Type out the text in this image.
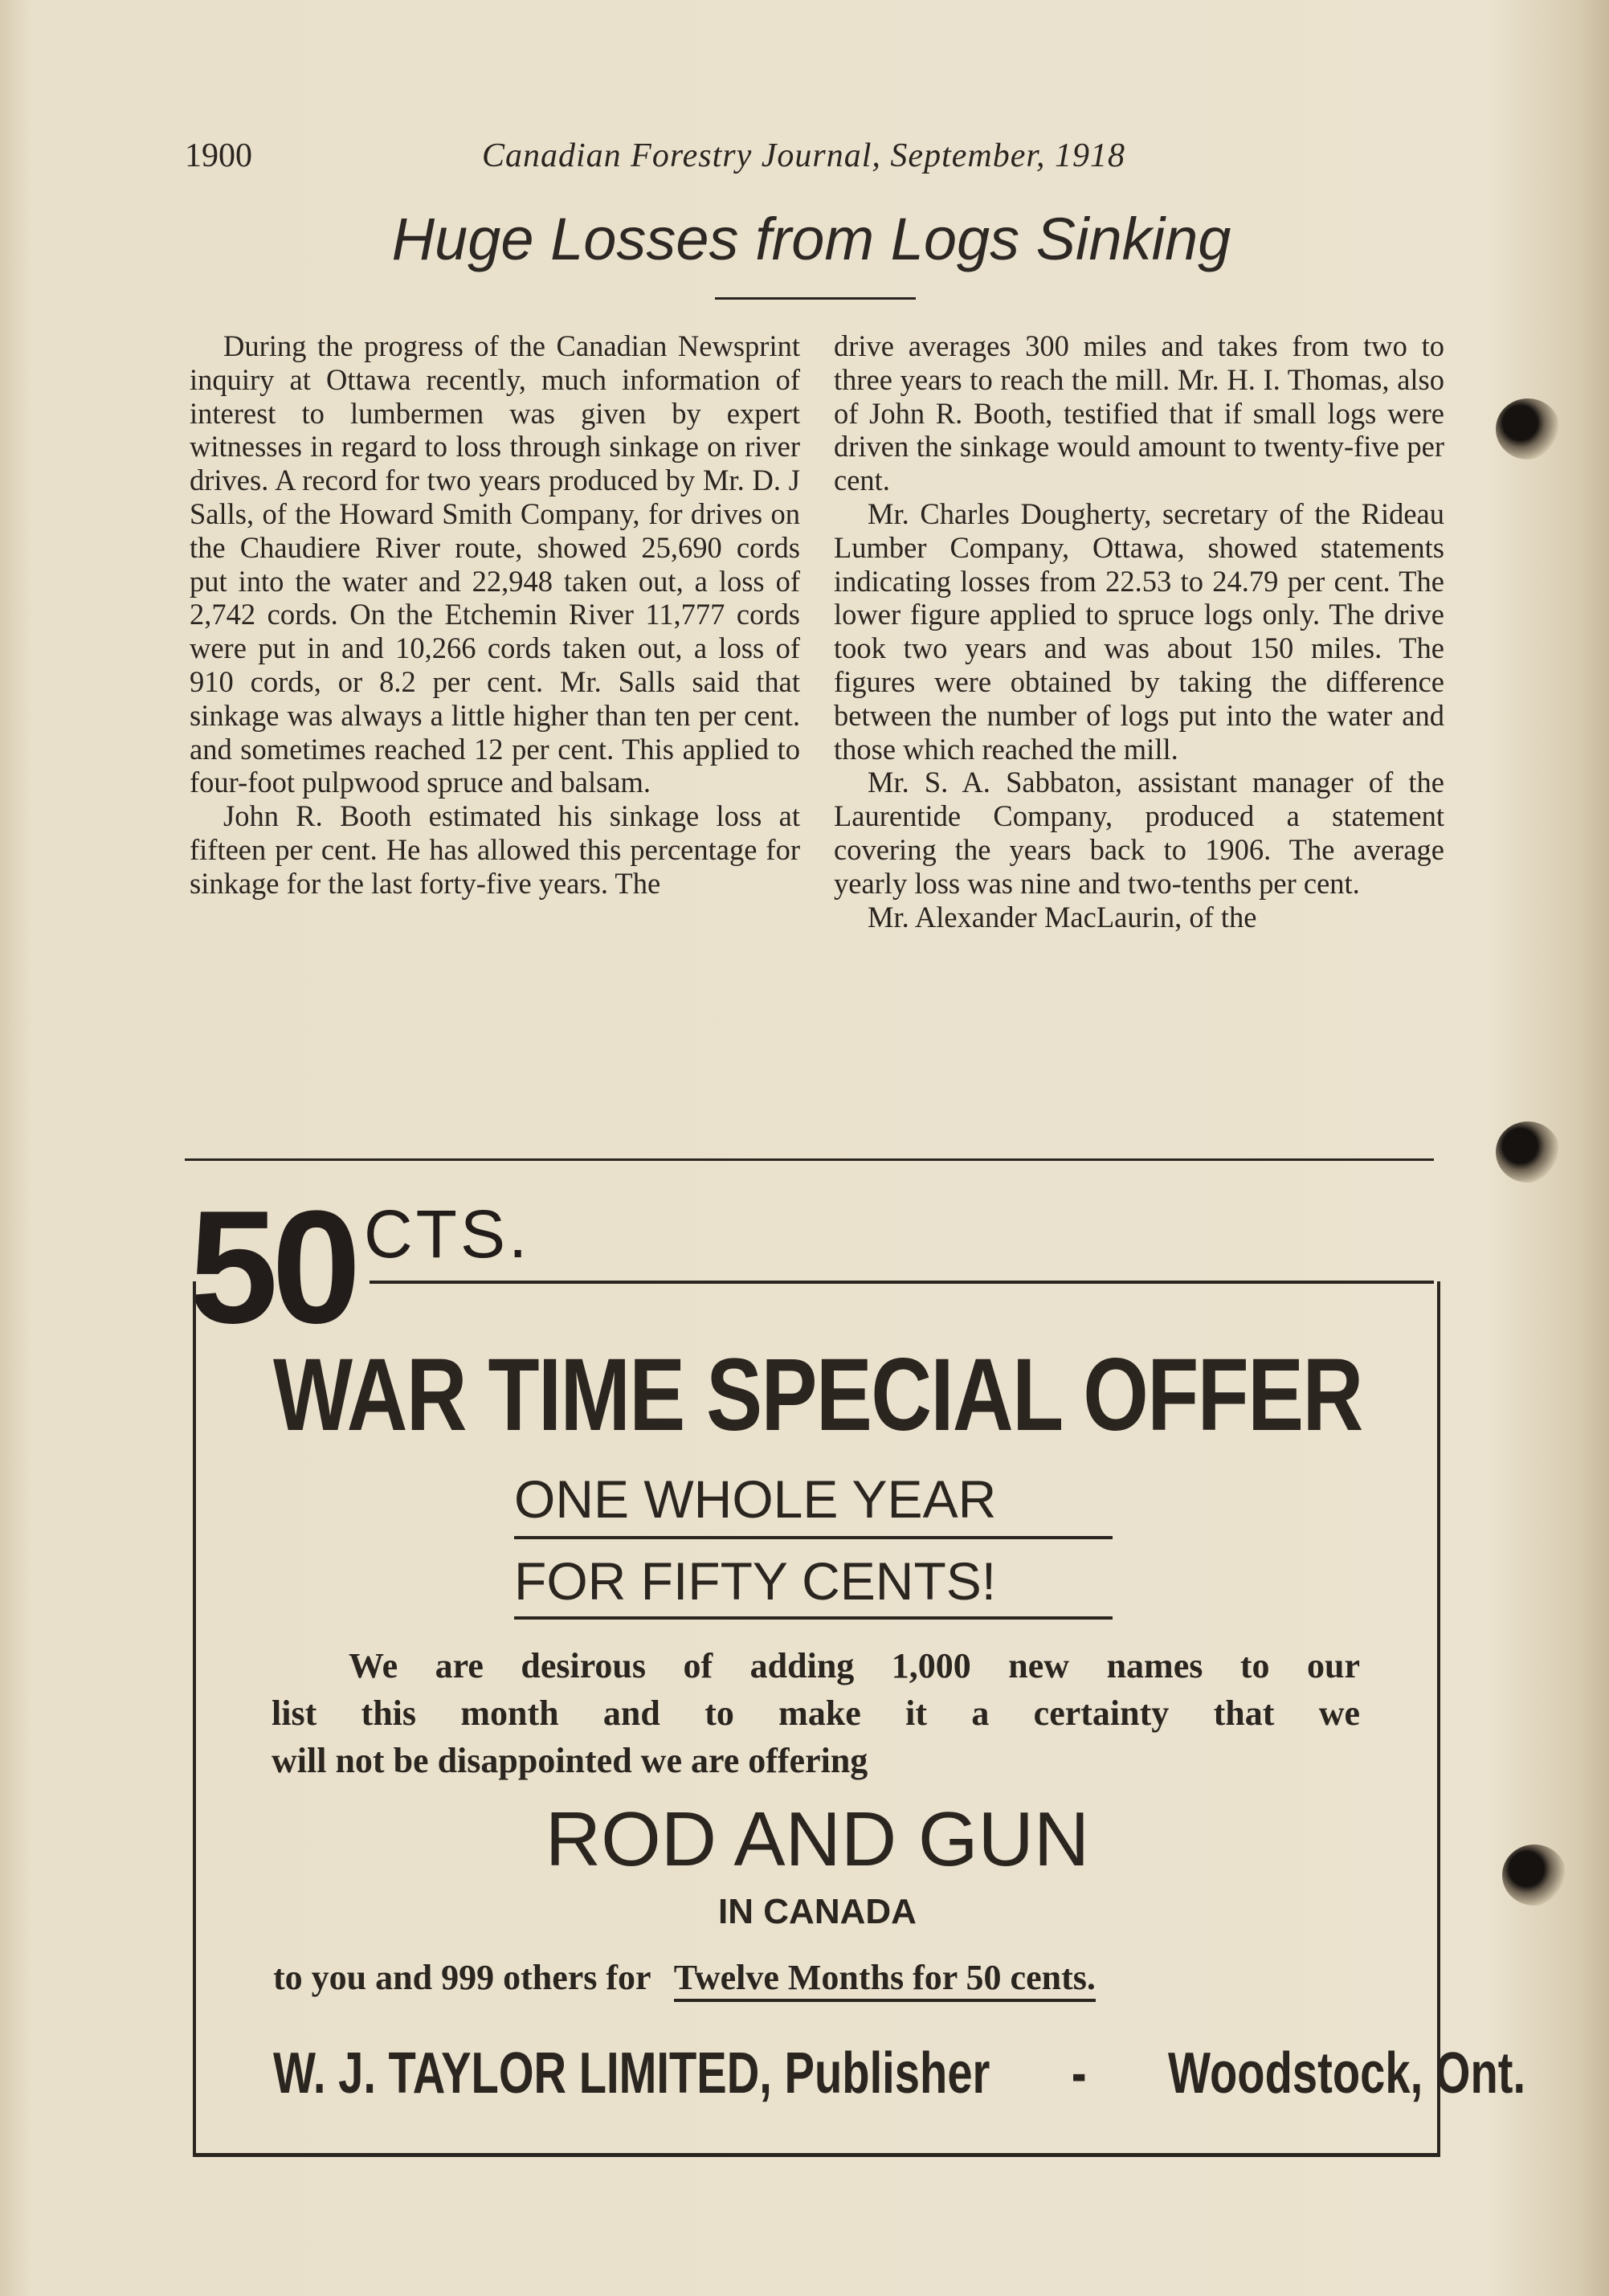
1900	Canadian Forestry Journal, September, 1918
Huge Losses from Logs Sinking

During the progress of the Canadian Newsprint inquiry at Ottawa recently, much information of interest to lumbermen was given by expert witnesses in regard to loss through sinkage on river drives. A record for two years produced by Mr. D. J Salls, of the Howard Smith Company, for drives on the Chaudiere River route, showed 25,690 cords put into the water and 22,948 taken out, a loss of 2,742 cords. On the Etchemin River 11,777 cords were put in and 10,266 cords taken out, a loss of 910 cords, or 8.2 per cent. Mr. Salls said that sinkage was always a little higher than ten per cent. and sometimes reached 12 per cent. This applied to four-foot pulpwood spruce and balsam.

John R. Booth estimated his sinkage loss at fifteen per cent. He has allowed this percentage for sinkage for the last forty-five years. The

drive averages 300 miles and takes from two to three years to reach the mill. Mr. H. I. Thomas, also of John R. Booth, testified that if small logs were driven the sinkage would amount to twenty-five per cent.

Mr. Charles Dougherty, secretary of the Rideau Lumber Company, Ottawa, showed statements indicating losses from 22.53 to 24.79 per cent. The lower figure applied to spruce logs only. The drive took two years and was about 150 miles. The figures were obtained by taking the difference between the number of logs put into the water and those which reached the mill.

Mr. S. A. Sabbaton, assistant manager of the Laurentide Company, produced a statement covering the years back to 1906. The average yearly loss was nine and two-tenths per cent.

Mr. Alexander MacLaurin, of the

50 CTS.
WAR TIME SPECIAL OFFER
ONE WHOLE YEAR
FOR FIFTY CENTS!
We are desirous of adding 1,000 new names to our
list this month and to make it a certainty that we
will not be disappointed we are offering
ROD AND GUN
IN CANADA
to you and 999 others for Twelve Months for 50 cents.
W. J. TAYLOR LIMITED, Publisher - Woodstock, Ont.
